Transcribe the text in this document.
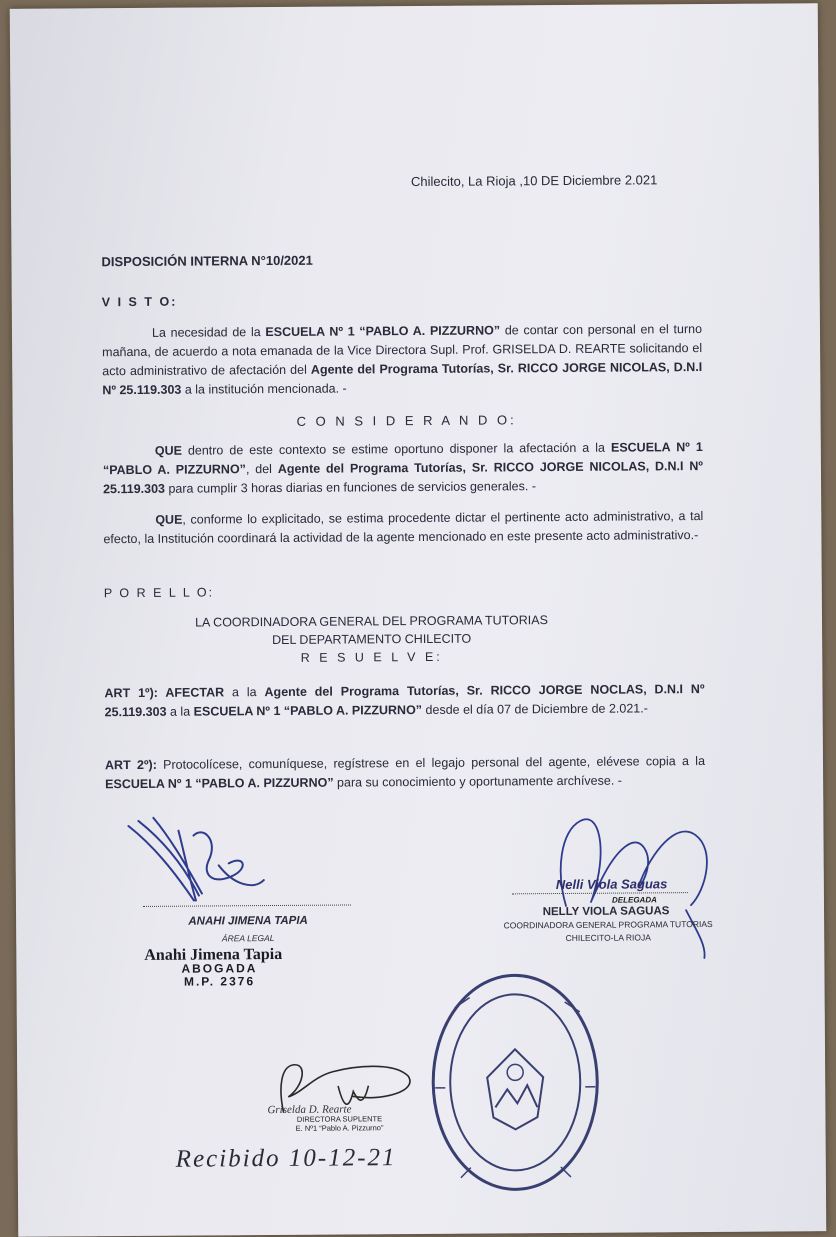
Chilecito, La Rioja ,10 DE Diciembre 2.021
DISPOSICIÓN INTERNA N°10/2021
V I S T O:
La necesidad de la ESCUELA Nº 1 “PABLO A. PIZZURNO” de contar con personal en el turno mañana, de acuerdo a nota emanada de la Vice Directora Supl. Prof. GRISELDA D. REARTE solicitando el acto administrativo de afectación del Agente del Programa Tutorías, Sr. RICCO JORGE NICOLAS, D.N.I Nº 25.119.303 a la institución mencionada. -
C O N S I D E R A N D O:
QUE dentro de este contexto se estime oportuno disponer la afectación a la ESCUELA Nº 1 “PABLO A. PIZZURNO”, del Agente del Programa Tutorías, Sr. RICCO JORGE NICOLAS, D.N.I Nº 25.119.303 para cumplir 3 horas diarias en funciones de servicios generales. -
QUE, conforme lo explicitado, se estima procedente dictar el pertinente acto administrativo, a tal efecto, la Institución coordinará la actividad de la agente mencionado en este presente acto administrativo.-
P O R E L L O:
LA COORDINADORA GENERAL DEL PROGRAMA TUTORIAS
DEL DEPARTAMENTO CHILECITO
R E S U E L V E:
ART 1º): AFECTAR a la Agente del Programa Tutorías, Sr. RICCO JORGE NOCLAS, D.N.I Nº 25.119.303 a la ESCUELA Nº 1 “PABLO A. PIZZURNO” desde el día 07 de Diciembre de 2.021.-
ART 2º): Protocolícese, comuníquese, regístrese en el legajo personal del agente, elévese copia a la ESCUELA Nº 1 “PABLO A. PIZZURNO” para su conocimiento y oportunamente archívese. -
ANAHI JIMENA TAPIA
ÁREA LEGAL
Anahi Jimena Tapia
ABOGADA
M.P. 2376
Nelli Viola Saguas
DELEGADA
NELLY VIOLA SAGUAS
COORDINADORA GENERAL PROGRAMA TUTORIAS
CHILECITO-LA RIOJA
Griselda D. Rearte
DIRECTORA SUPLENTE
E. Nº1 “Pablo A. Pizzurno”
Recibido 10-12-21
